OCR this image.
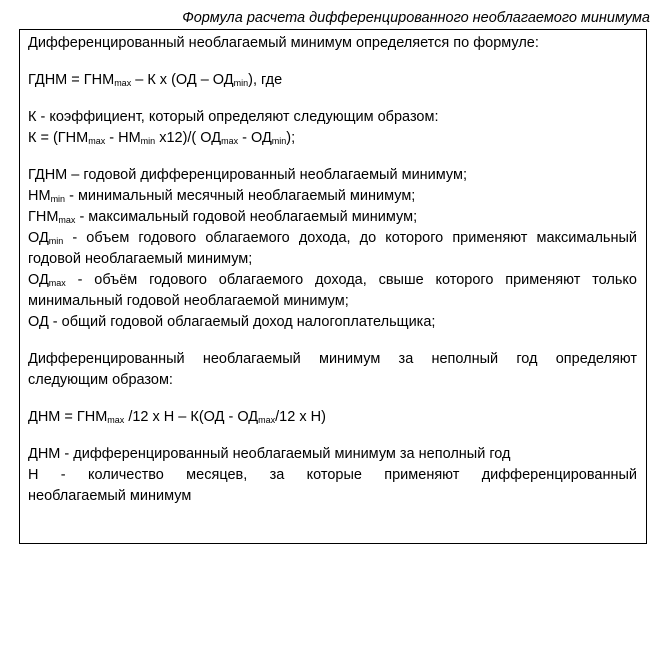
Формула расчета дифференцированного необлагаемого минимума
Дифференцированный необлагаемый минимум определяется по формуле:
ГДНМ = $ГНМ_{max}$ – К х $(ОД - ОД_{min})$, где
К - коэффициент, который определяют следующим образом:
$К = (ГНМ_{max} - НМ_{min}$ х12)/( $ОД_{max} - ОД_{min}$);
ГДНМ – годовой дифференцированный необлагаемый минимум;
$НМ_{min}$ - минимальный месячный необлагаемый минимум;
$ГНМ_{max}$ - максимальный годовой необлагаемый минимум;
$ОД_{min}$ - объем годового облагаемого дохода, до которого применяют максимальный
годовой необлагаемый минимум;
$ОД_{max}$ - объём годового облагаемого дохода, свыше которого применяют только
минимальный годовой необлагаемой минимум;
ОД - общий годовой облагаемый доход налогоплательщика;
Дифференцированный необлагаемый минимум за неполный год определяют
следующим образом:
ДНМ = $ГНМ_{max}$ /12 х Н – $К(ОД - ОД_{max}/12$ х Н)
ДНМ - дифференцированный необлагаемый минимум за неполный год
Н - количество месяцев, за которые применяют дифференцированный
необлагаемый минимум
